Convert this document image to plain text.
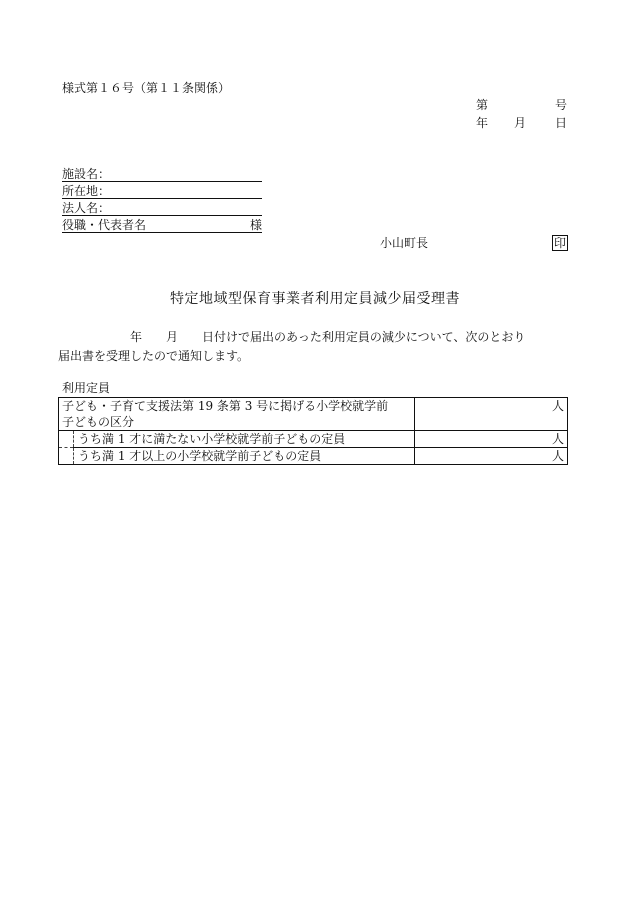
様式第１６号（第１１条関係）
第	号
年 月 日
施設名：
所在地：
法人名：
役職・代表者名	様
小山町長	印
特定地域型保育事業者利用定員減少届受理書
年 月 日付けで届出のあった利用定員の減少について、次のとおり
届出書を受理したので通知します。
利用定員
子ども・子育て支援法第 19 条第 3 号に掲げる小学校就学前
子どもの区分		人
	うち満 1 才に満たない小学校就学前子どもの定員	人
	うち満 1 才以上の小学校就学前子どもの定員	人
